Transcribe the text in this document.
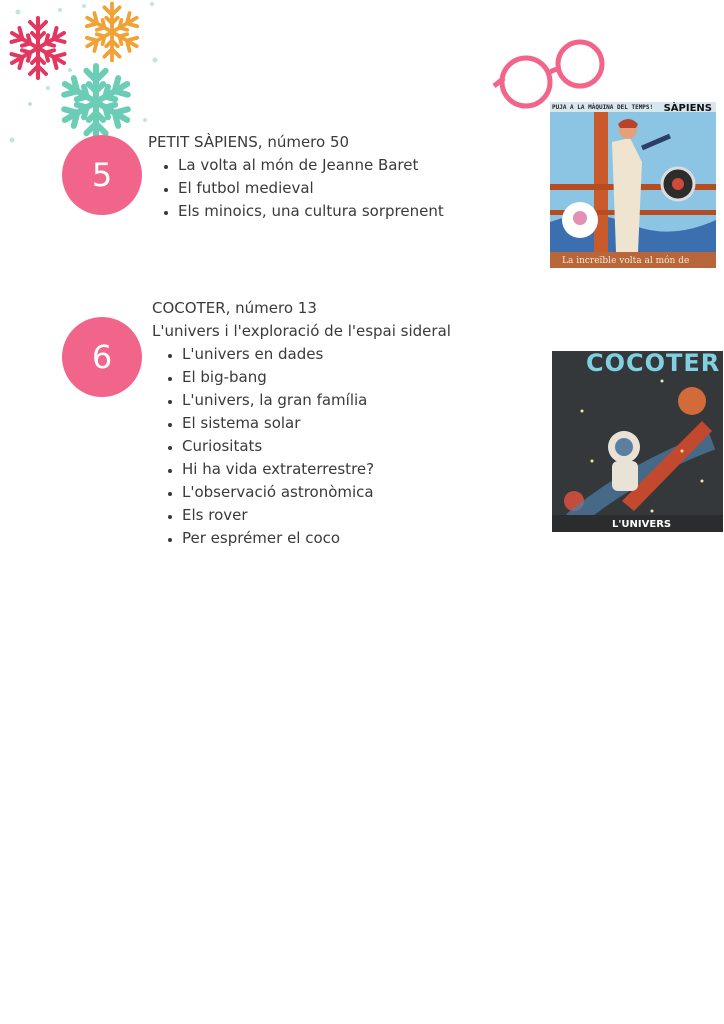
5
PETIT SÀPIENS, número 50
• La volta al món de Jeanne Baret
• El futbol medieval
• Els minoics, una cultura sorprenent
PUJA A LA MÀQUINA DEL TEMPS! SÀPIENS
La increïble volta al món de
6
COCOTER, número 13
L'univers i l'exploració de l'espai sideral
• L'univers en dades
• El big-bang
• L'univers, la gran família
• El sistema solar
• Curiositats
• Hi ha vida extraterrestre?
• L'observació astronòmica
• Els rover
• Per esprémer el coco
COCOTER
L'UNIVERS
